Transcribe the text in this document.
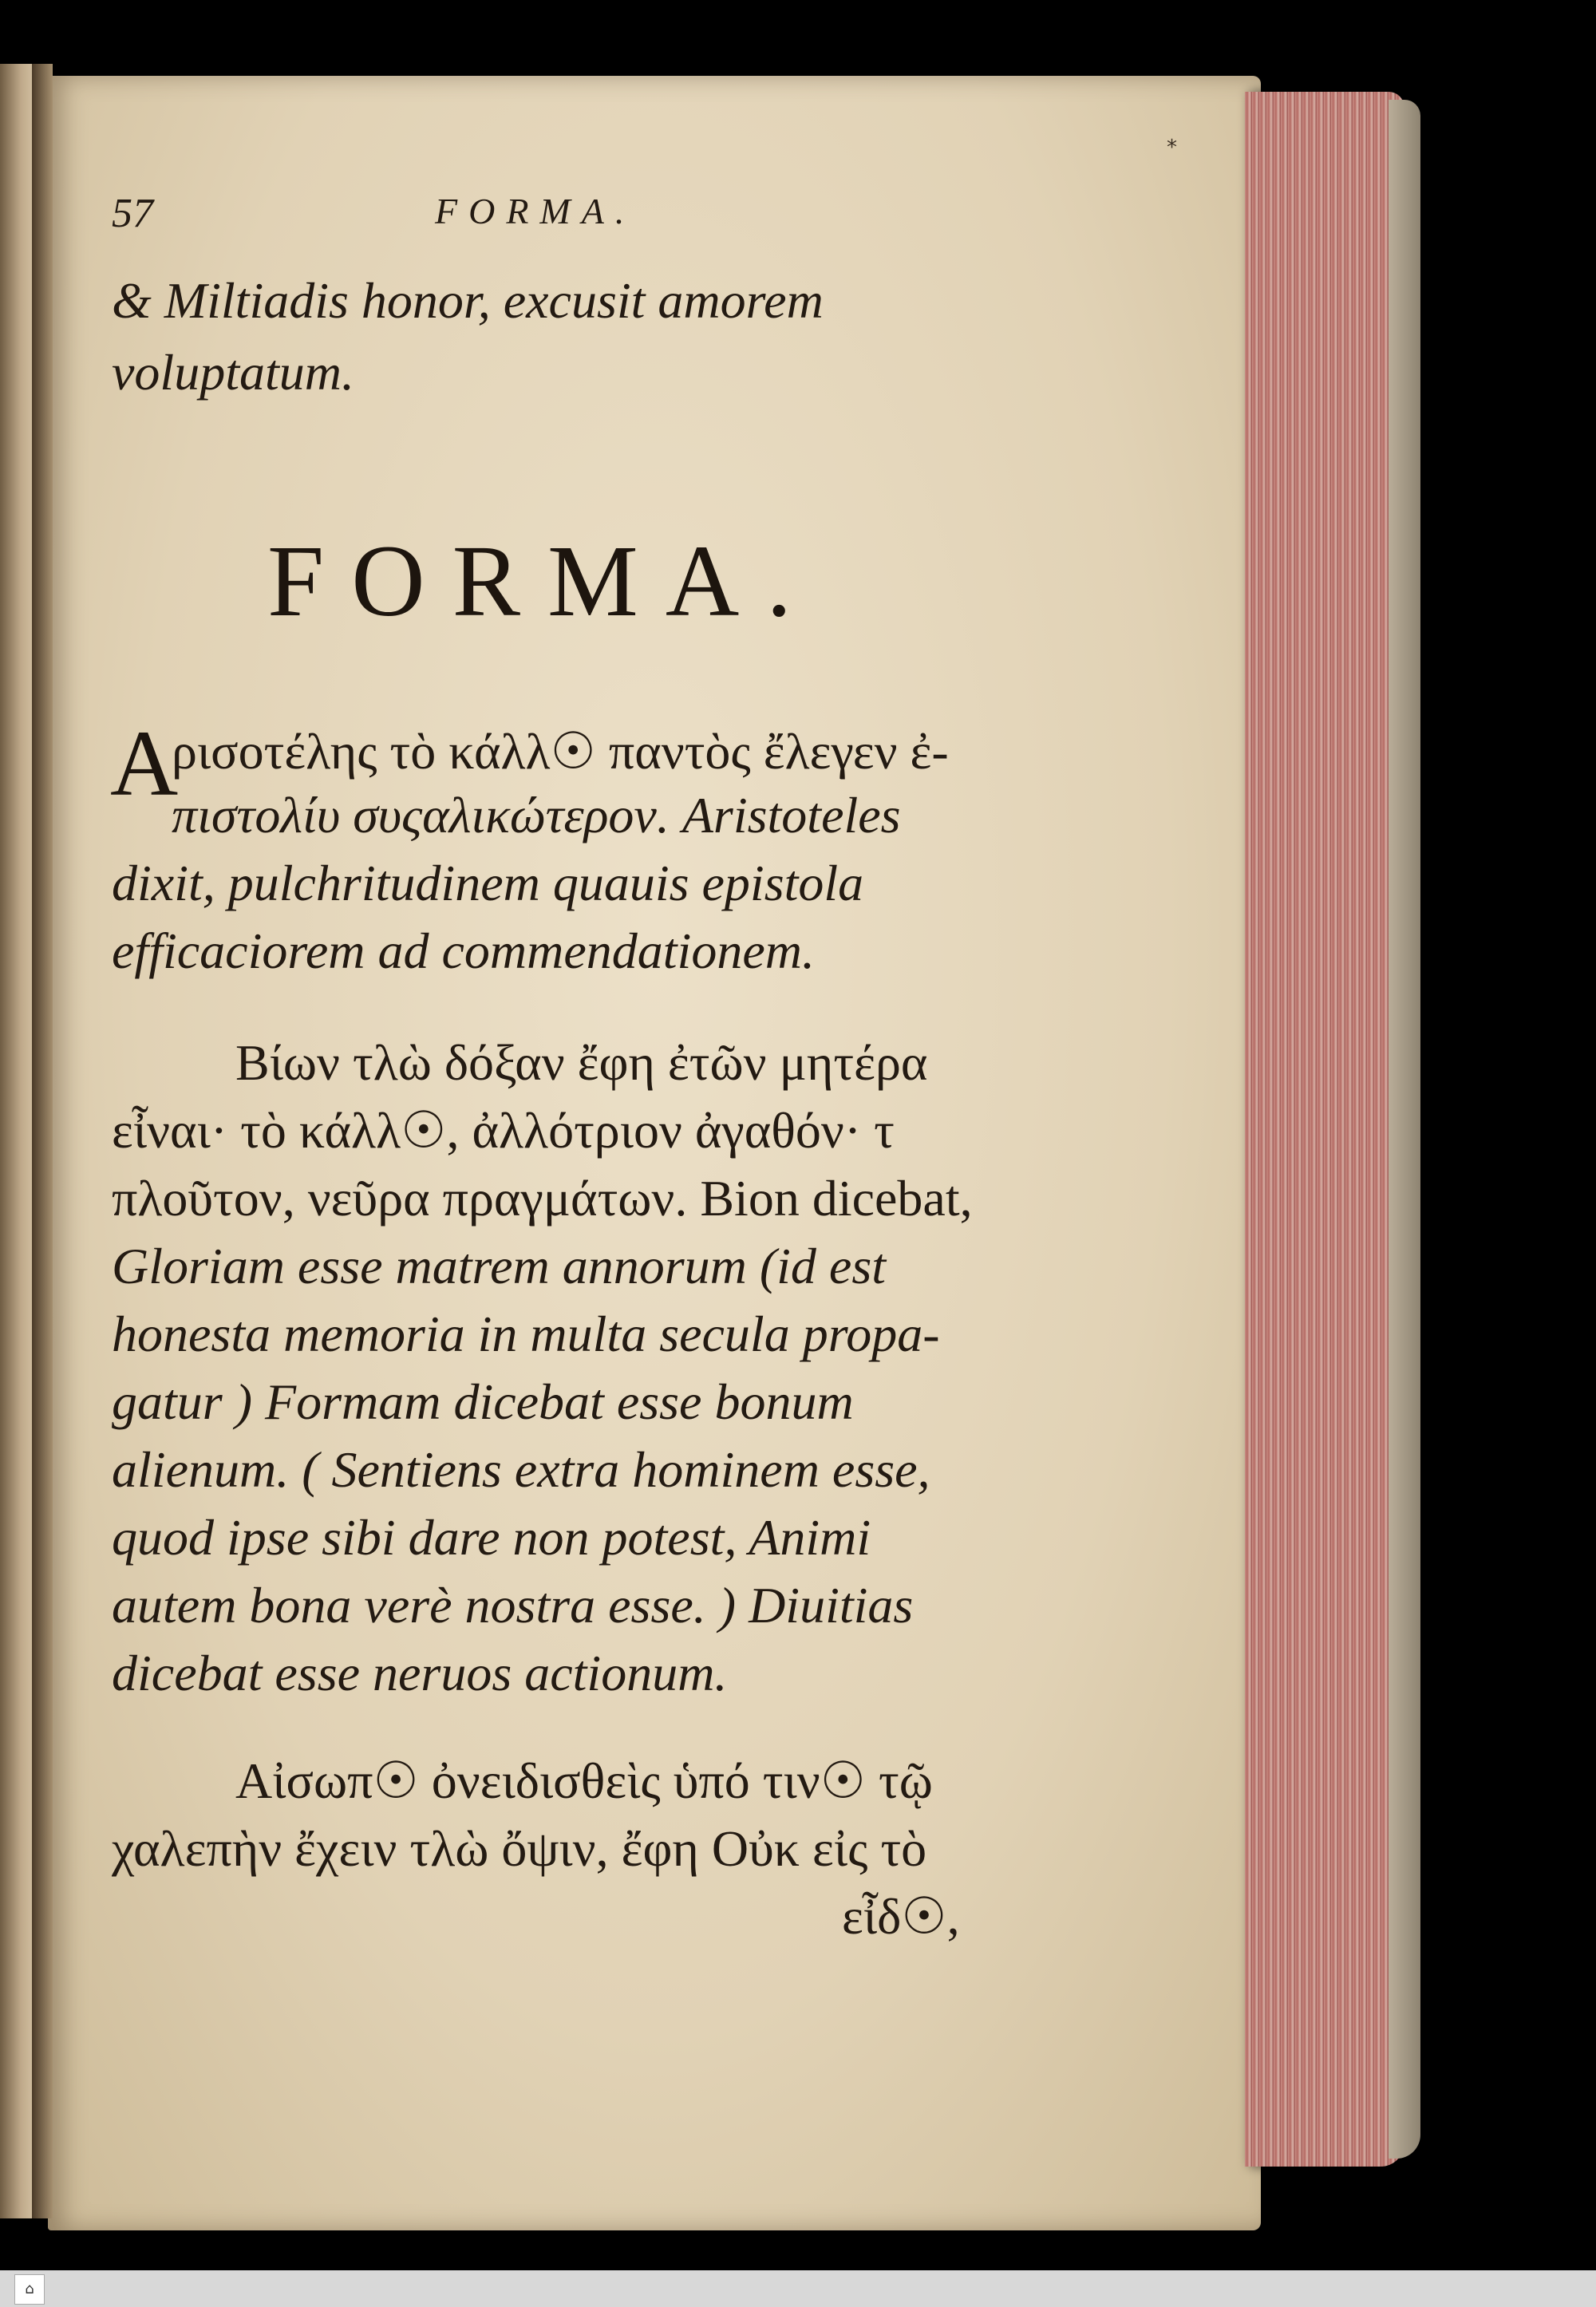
*
57	FORMA.
& Miltiadis honor, excusit amorem
voluptatum.
FORMA.
A
ρισοτέλης τὸ κάλλ☉ παντὸς ἔλεγεν ἐ-
πιστολίυ συςαλικώτερον. Aristoteles
dixit, pulchritudinem quauis epistola
efficaciorem ad commendationem.
Βίων τλὼ δόξαν ἔφη ἐτῶν μητέρα
εἶναι· τὸ κάλλ☉, ἀλλότριον ἀγαθόν· τ
πλοῦτον, νεῦρα πραγμάτων. Bion dicebat,
Gloriam esse matrem annorum (id est
honesta memoria in multa secula propa-
gatur ) Formam dicebat esse bonum
alienum. ( Sentiens extra hominem esse,
quod ipse sibi dare non potest, Animi
autem bona verè nostra esse. ) Diuitias
dicebat esse neruos actionum.
Αἰσωπ☉ ὀνειδισθεὶς ὑπό τιν☉ τῷ
χαλεπὴν ἔχειν τλὼ ὄψιν, ἔφη Οὐκ εἰς τὸ
εἶδ☉,
⌂
